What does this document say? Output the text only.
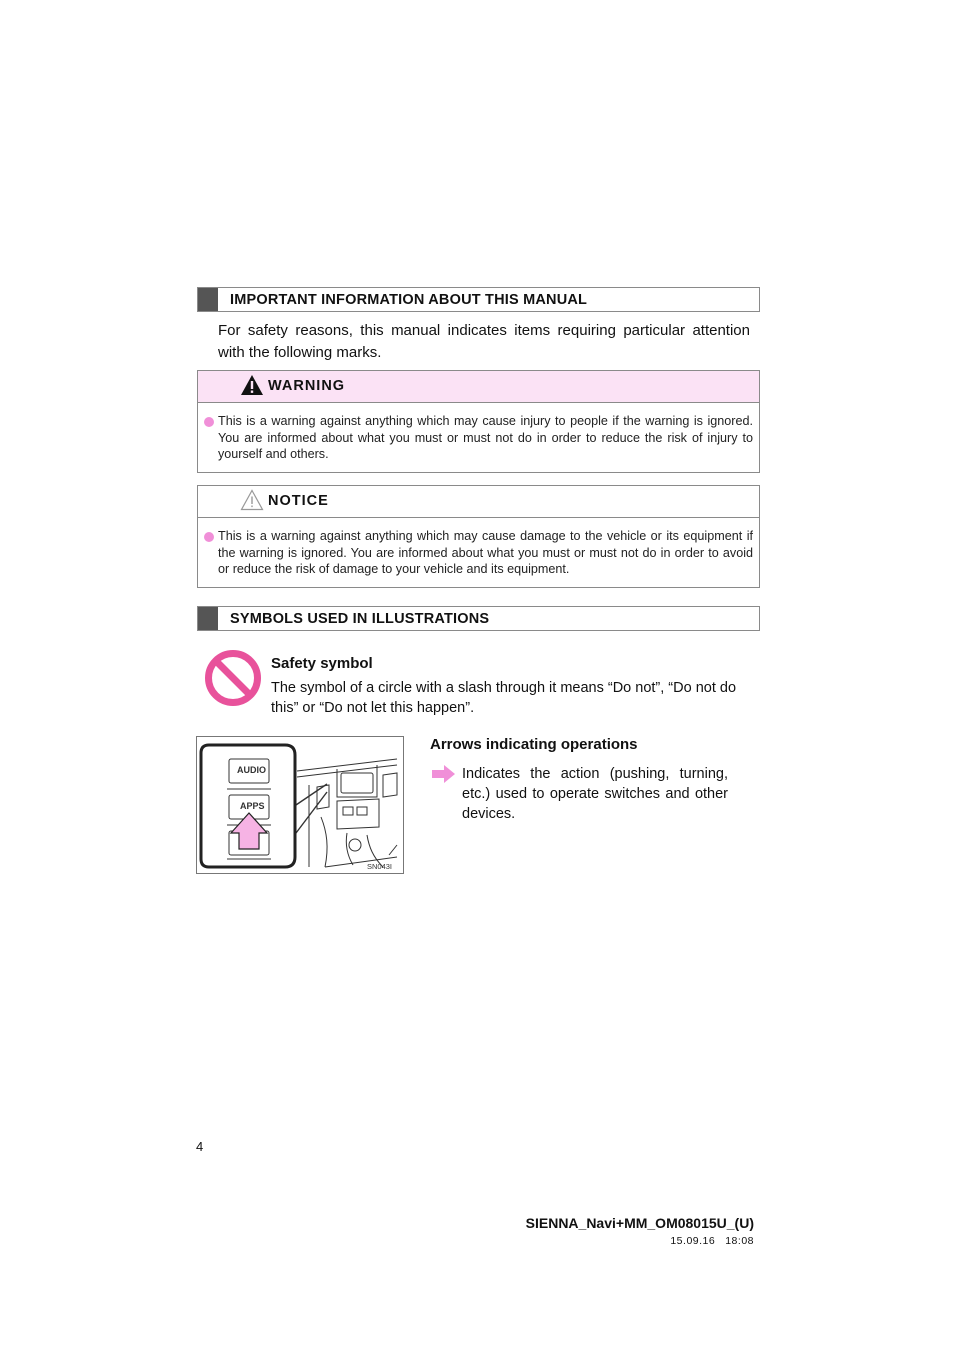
IMPORTANT INFORMATION ABOUT THIS MANUAL
For safety reasons, this manual indicates items requiring particular attention with the following marks.
WARNING
This is a warning against anything which may cause injury to people if the warning is ignored. You are informed about what you must or must not do in order to reduce the risk of injury to yourself and others.
NOTICE
This is a warning against anything which may cause damage to the vehicle or its equipment if the warning is ignored. You are informed about what you must or must not do in order to avoid or reduce the risk of damage to your vehicle and its equipment.
SYMBOLS USED IN ILLUSTRATIONS
Safety symbol
The symbol of a circle with a slash through it means “Do not”, “Do not do this” or “Do not let this happen”.
AUDIO
APPS
SN043I
Arrows indicating operations
Indicates the action (pushing, turning, etc.) used to operate switches and other devices.
4
SIENNA_Navi+MM_OM08015U_(U)
15.09.16 18:08
